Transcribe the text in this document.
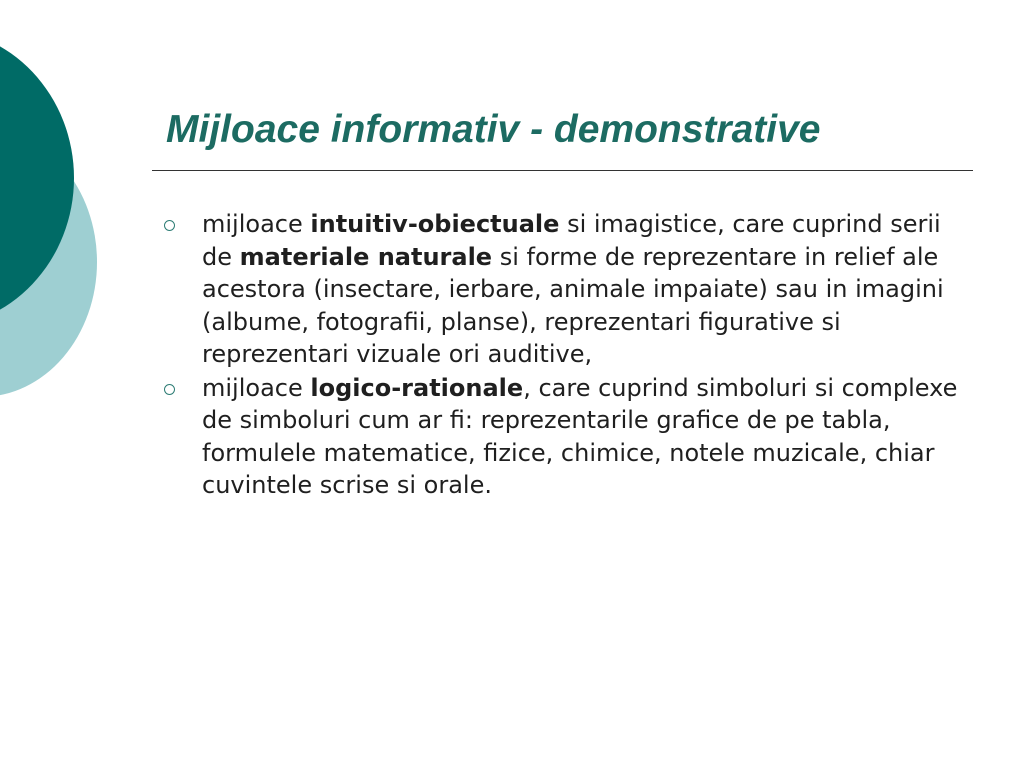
Mijloace informativ - demonstrative
mijloace intuitiv-obiectuale si imagistice, care cuprind serii de materiale naturale si forme de reprezentare in relief ale acestora (insectare, ierbare, animale impaiate) sau in imagini (albume, fotografii, planse), reprezentari figurative si reprezentari vizuale ori auditive,
mijloace logico-rationale, care cuprind simboluri si complexe de simboluri cum ar fi: reprezentarile grafice de pe tabla, formulele matematice, fizice, chimice, notele muzicale, chiar cuvintele scrise si orale.
